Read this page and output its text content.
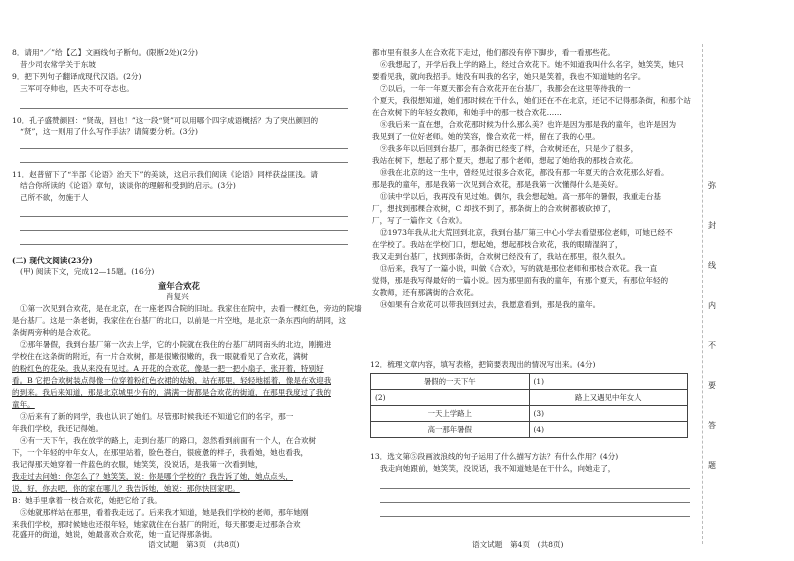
8．请用“／”给【乙】文画线句子断句。(限断2处)(2分)
昔少司农常学关于东坡
9．把下列句子翻译成现代汉语。(2分)
三军可夺帅也，匹夫不可夺志也。
10．孔子盛赞颜回：“贤哉，回也！”这一段“贤”可以用哪个四字成语概括？为了突出颜回的
“贤”，这一则用了什么写作手法？请简要分析。(3分)
11．赵普留下了“半部《论语》治天下”的美谈，这启示我们阅读《论语》同样获益匪浅。请
结合你所读的《论语》章句，谈谈你的理解和受到的启示。(3分)
己所不欲，勿施于人
(二) 现代文阅读(23分)
(甲) 阅读下文，完成12—15题。(16分)
童年合欢花
肖复兴
①第一次见到合欢花，是在北京，在一座老四合院的旧址。我家住在院中，去看一棵红色，旁边的院墙
是台基厂。这是一条老街，我家住在台基厂的北口，以前是一片空地，是北京一条东西向的胡同，这
条街两旁种的是合欢花。
②那年暑假，我到台基厂第一次去上学，它的小院就在我住的台基厂胡同南头的北边，刚搬进
学校住在这条街的附近，有一片合欢树，都是很嫩很嫩的，我一眼就看见了合欢花，满树
的粉红色的花朵。我从来没有见过。A 开花的合欢花，像是一把一把小扇子，张开着，特别好
看。B 它把合欢树装点得像一位穿着粉红色衣裙的姑娘，站在那里，轻轻地摇着，像是在欢迎我
的到来。我后来知道，那是北京城里少有的，满满一街都是合欢花的街道，在那里我度过了我的
童年。
③后来有了新的同学，我也认识了她们。尽管那时候我还不知道它们的名字，那一
年我们学校，我还记得她。
④有一天下午，我在放学的路上，走到台基厂的路口，忽然看到前面有一个人，在合欢树
下，一个年轻的中年女人，在那里站着，脸色苍白，很疲惫的样子，我看她，她也看我，
我记得那天她穿着一件蓝色的衣服，她笑笑，没说话，是我第一次看到她，
我走过去问她：你怎么了？她笑笑，说：你是哪个学校的？我告诉了她，她点点头，
说，好，你去吧，你的家在哪儿？我告诉她，她说：那你快回家吧。
B：她手里拿着一枝合欢花，她把它给了我。
⑤她就那样站在那里，看着我走远了。后来我才知道，她是我们学校的老师，那年她刚
来我们学校，那时候她也还很年轻，她家就住在台基厂的附近，每天都要走过那条合欢
花盛开的街道，她说，她最喜欢合欢花，她一直记得那条街。
语文试题　第3页　(共8页)
都市里有很多人在合欢花下走过，他们都没有停下脚步，看一看那些花。
⑥我想起了，开学后我上学的路上，经过合欢花下。她不知道我叫什么名字，她笑笑，她只
要看见我，就向我招手。她没有叫我的名字，她只是笑着，我也不知道她的名字。
⑦以后，一年一年夏天都会有合欢花开在台基厂，我都会在这里等待我的一
个夏天，我很想知道，她们那时候在干什么，她们还在不在北京，还记不记得那条街，和那个站
在合欢树下的年轻女教师，和她手中的那一枝合欢花……
⑧我后来一直在想，合欢花那时候为什么那么美？也许是因为那是我的童年，也许是因为
我见到了一位好老师。她的笑容，像合欢花一样，留在了我的心里。
⑨我多年以后回到台基厂，那条街已经变了样，合欢树还在，只是少了很多，
我站在树下，想起了那个夏天，想起了那个老师，想起了她给我的那枝合欢花。
⑩我在北京的这一生中，曾经见过很多合欢花，都没有那一年夏天的合欢花那么好看。
那是我的童年，那是我第一次见到合欢花，那是我第一次懂得什么是美好。
⑪读中学以后，我再没有见过她。偶尔，我会想起她。高一那年的暑假，我重走台基
厂，想找到那棵合欢树，C 却找不到了，那条街上的合欢树都被砍掉了，
厂，写了一篇作文《合欢》。
⑫1973年我从北大荒回到北京，我到台基厂第三中心小学去看望那位老师，可她已经不
在学校了。我站在学校门口，想起她，想起那枝合欢花，我的眼睛湿润了，
我又走到台基厂，找到那条街，合欢树已经没有了，我站在那里，很久很久。
⑬后来，我写了一篇小说，叫做《合欢》，写的就是那位老师和那枝合欢花。我一直
觉得，那是我写得最好的一篇小说。因为那里面有我的童年，有那个夏天，有那位年轻的
女教师，还有那满街的合欢花。
⑭如果有合欢花可以带我回到过去，我愿意看到，那是我的童年。
12．梳理文章内容，填写表格，把简要表现出的情况写出来。(4分)
13．选文第⑤段画波浪线的句子运用了什么描写方法？有什么作用？(4分)
我走向她跟前，她笑笑，没说话，我不知道她是在干什么，向她走了，
语文试题　第4页　(共8页)
暑假的一天下午	(1)
(2)	路上又遇见中年女人
一天上学路上	(3)
高一那年暑假	(4)
弥
封
线
内
不
要
答
题
